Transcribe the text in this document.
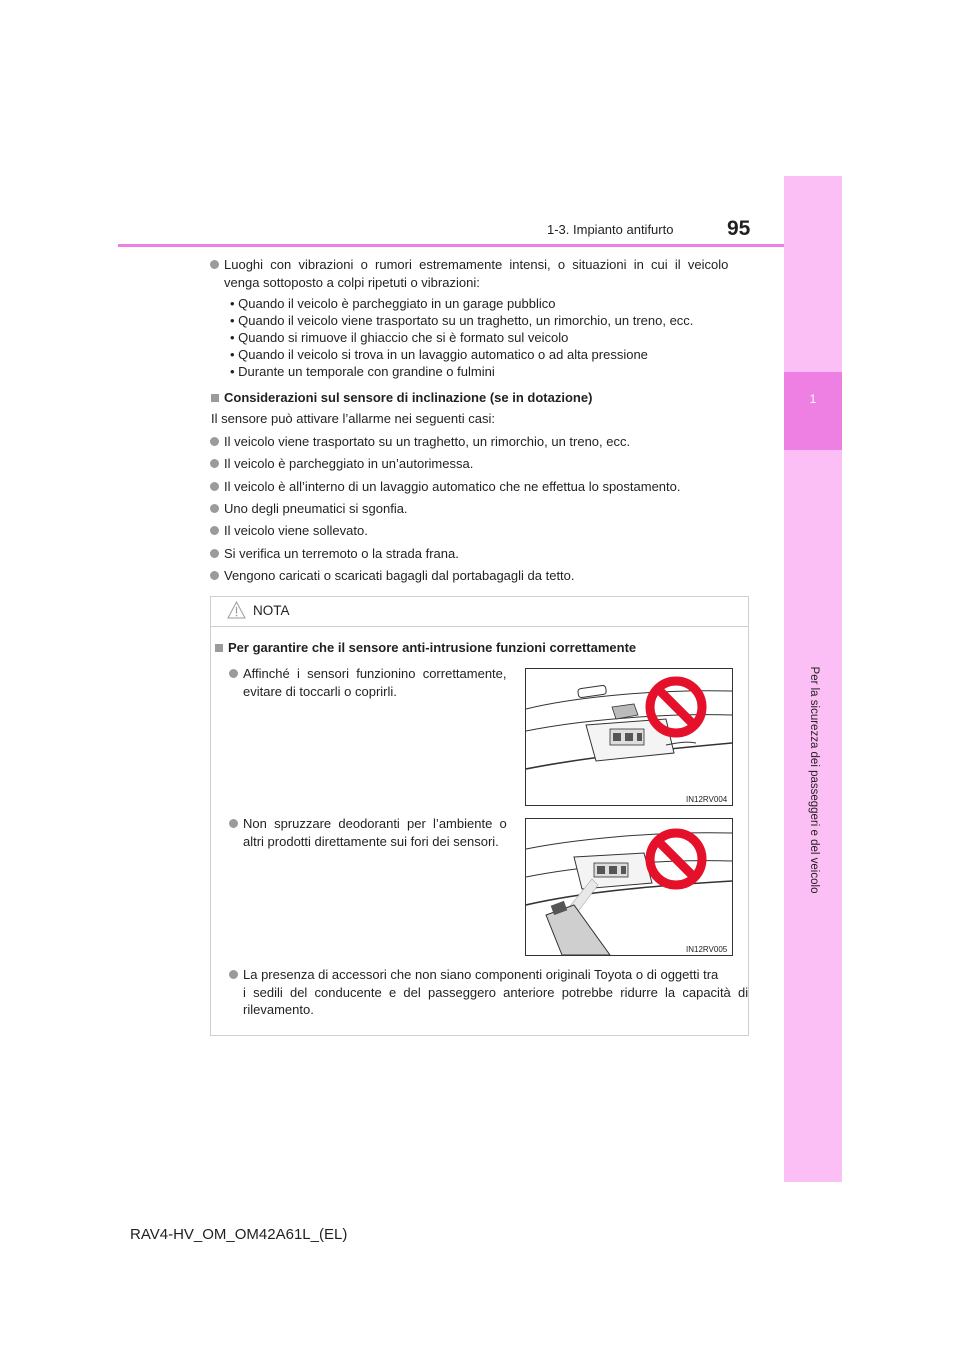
1
Per la sicurezza dei passeggeri e del veicolo
1-3. Impianto antifurto	95
Luoghi  con  vibrazioni  o  rumori  estremamente  intensi,  o  situazioni  in  cui  il  veicolo
venga sottoposto a colpi ripetuti o vibrazioni:
• Quando il veicolo è parcheggiato in un garage pubblico
• Quando il veicolo viene trasportato su un traghetto, un rimorchio, un treno, ecc.
• Quando si rimuove il ghiaccio che si è formato sul veicolo
• Quando il veicolo si trova in un lavaggio automatico o ad alta pressione
• Durante un temporale con grandine o fulmini
Considerazioni sul sensore di inclinazione (se in dotazione)
Il sensore può attivare l’allarme nei seguenti casi:
Il veicolo viene trasportato su un traghetto, un rimorchio, un treno, ecc.
Il veicolo è parcheggiato in un’autorimessa.
Il veicolo è all’interno di un lavaggio automatico che ne effettua lo spostamento.
Uno degli pneumatici si sgonfia.
Il veicolo viene sollevato.
Si verifica un terremoto o la strada frana.
Vengono caricati o scaricati bagagli dal portabagagli da tetto.
NOTA
Per garantire che il sensore anti-intrusione funzioni correttamente
Affinché  i  sensori  funzionino  correttamente,
evitare di toccarli o coprirli.
Non  spruzzare  deodoranti  per  l’ambiente  o
altri prodotti direttamente sui fori dei sensori.
IN12RV004
IN12RV005
La presenza di accessori che non siano componenti originali Toyota o di oggetti tra
i  sedili  del  conducente  e  del  passeggero  anteriore  potrebbe  ridurre  la  capacità  di
rilevamento.
RAV4-HV_OM_OM42A61L_(EL)
